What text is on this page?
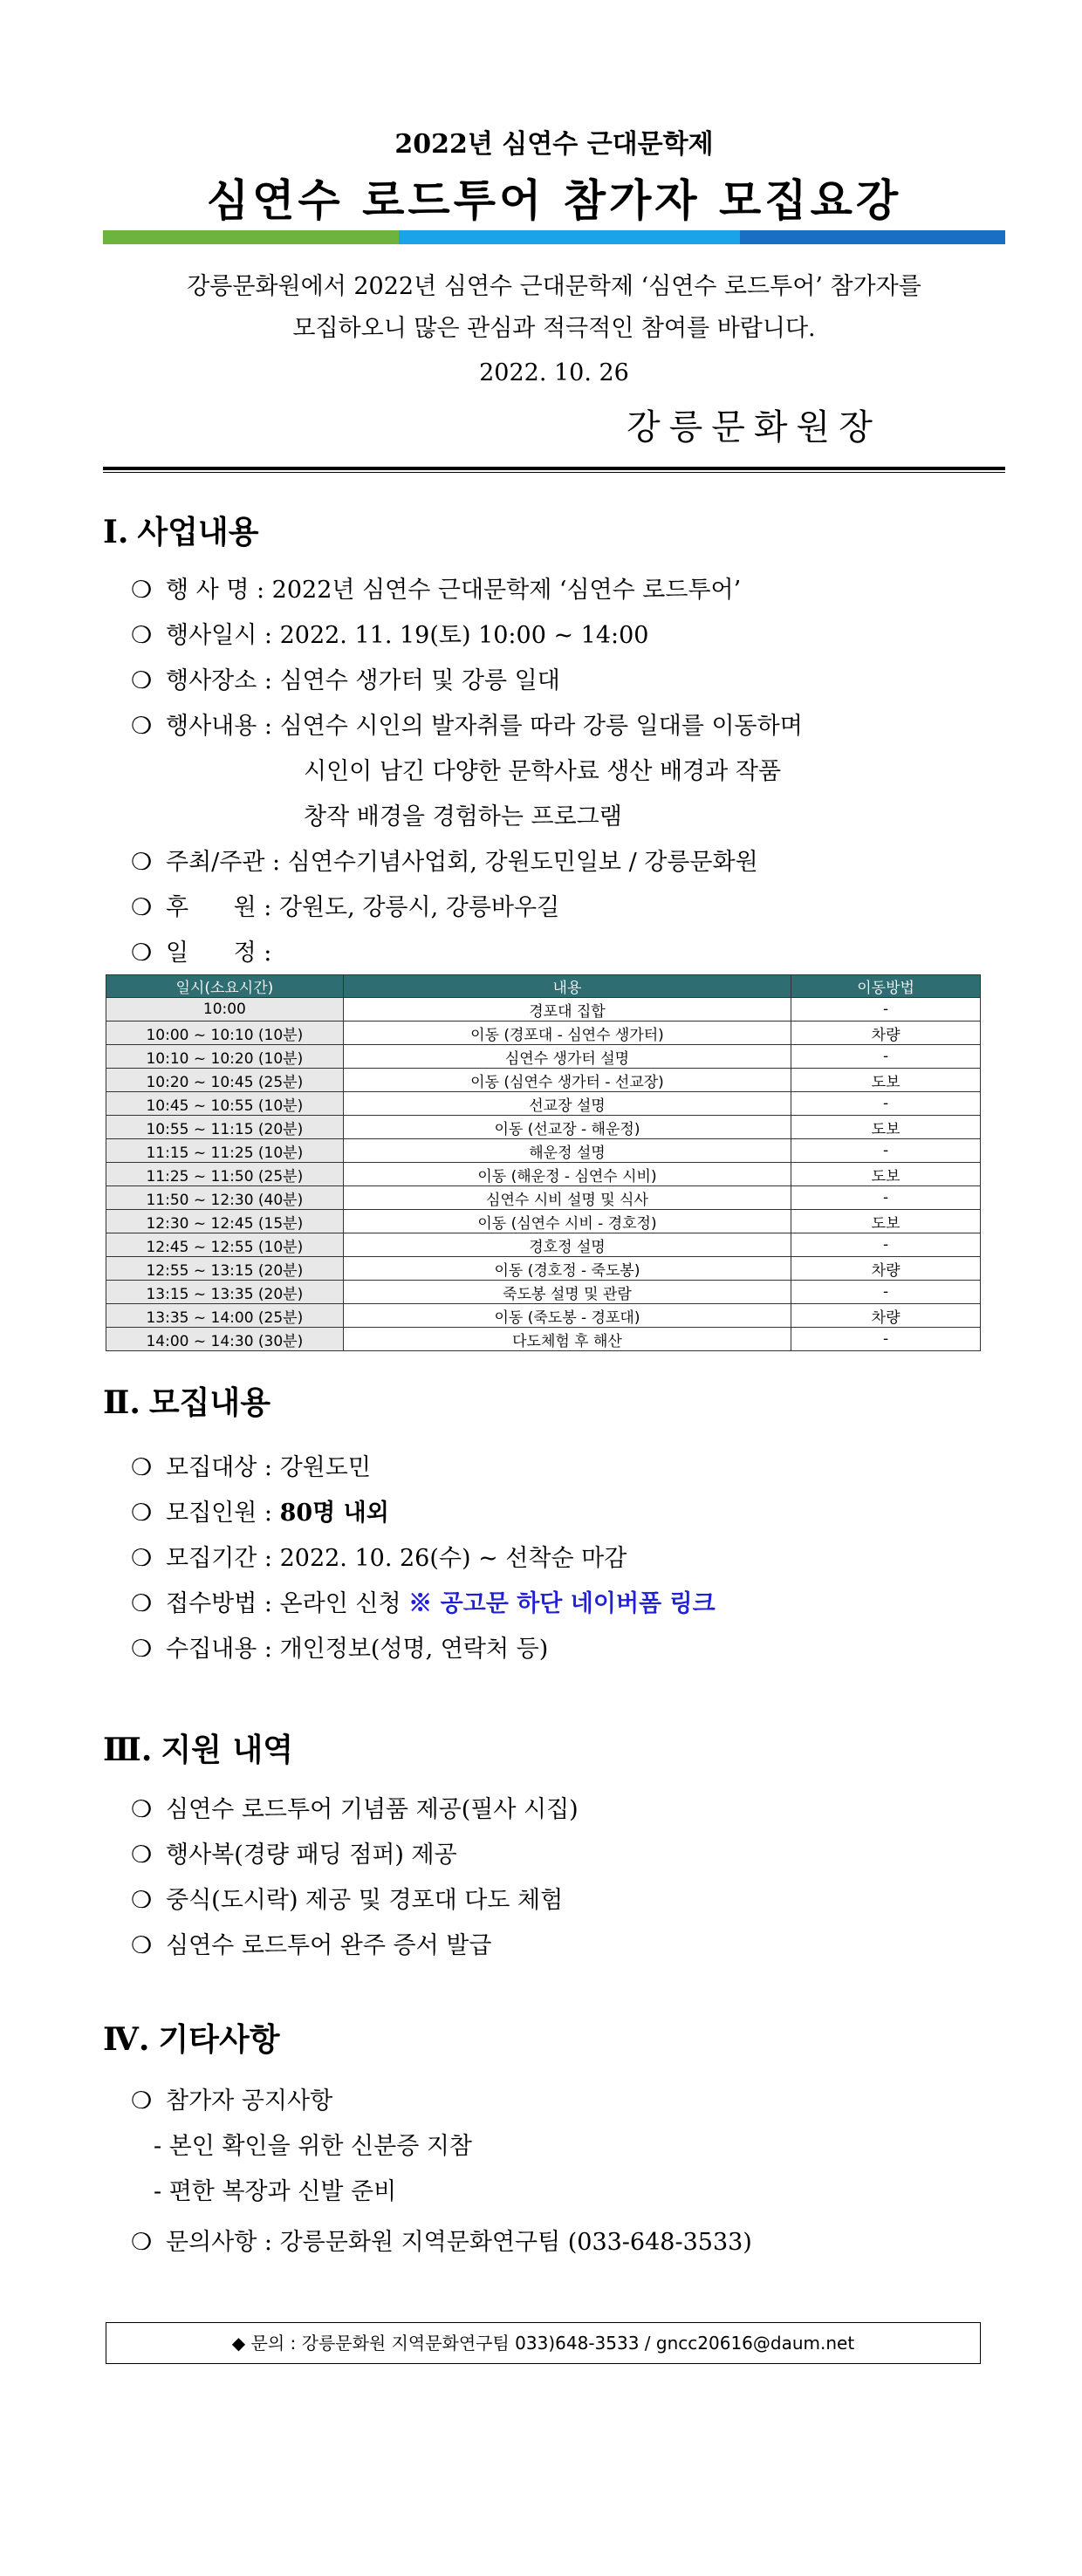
2022년 심연수 근대문학제
심연수 로드투어 참가자 모집요강
강릉문화원에서 2022년 심연수 근대문학제 ‘심연수 로드투어’ 참가자를
모집하오니 많은 관심과 적극적인 참여를 바랍니다.
2022. 10. 26
강릉문화원장
Ⅰ. 사업내용
❍ 행 사 명 : 2022년 심연수 근대문학제 ‘심연수 로드투어’
❍ 행사일시 : 2022. 11. 19(토) 10:00 ~ 14:00
❍ 행사장소 : 심연수 생가터 및 강릉 일대
❍ 행사내용 : 심연수 시인의 발자취를 따라 강릉 일대를 이동하며
시인이 남긴 다양한 문학사료 생산 배경과 작품
창작 배경을 경험하는 프로그램
❍ 주최/주관 : 심연수기념사업회, 강원도민일보 / 강릉문화원
❍ 후      원 : 강원도, 강릉시, 강릉바우길
❍ 일      정 :
일시(소요시간)	내용	이동방법
10:00	경포대 집합	-
10:00 ~ 10:10 (10분)	이동 (경포대 - 심연수 생가터)	차량
10:10 ~ 10:20 (10분)	심연수 생가터 설명	-
10:20 ~ 10:45 (25분)	이동 (심연수 생가터 - 선교장)	도보
10:45 ~ 10:55 (10분)	선교장 설명	-
10:55 ~ 11:15 (20분)	이동 (선교장 - 해운정)	도보
11:15 ~ 11:25 (10분)	해운정 설명	-
11:25 ~ 11:50 (25분)	이동 (해운정 - 심연수 시비)	도보
11:50 ~ 12:30 (40분)	심연수 시비 설명 및 식사	-
12:30 ~ 12:45 (15분)	이동 (심연수 시비 - 경호정)	도보
12:45 ~ 12:55 (10분)	경호정 설명	-
12:55 ~ 13:15 (20분)	이동 (경호정 - 죽도봉)	차량
13:15 ~ 13:35 (20분)	죽도봉 설명 및 관람	-
13:35 ~ 14:00 (25분)	이동 (죽도봉 - 경포대)	차량
14:00 ~ 14:30 (30분)	다도체험 후 해산	-
Ⅱ. 모집내용
❍ 모집대상 : 강원도민
❍ 모집인원 : 80명 내외
❍ 모집기간 : 2022. 10. 26(수) ~ 선착순 마감
❍ 접수방법 : 온라인 신청 ※ 공고문 하단 네이버폼 링크
❍ 수집내용 : 개인정보(성명, 연락처 등)
Ⅲ. 지원 내역
❍ 심연수 로드투어 기념품 제공(필사 시집)
❍ 행사복(경량 패딩 점퍼) 제공
❍ 중식(도시락) 제공 및 경포대 다도 체험
❍ 심연수 로드투어 완주 증서 발급
Ⅳ. 기타사항
❍ 참가자 공지사항
- 본인 확인을 위한 신분증 지참
- 편한 복장과 신발 준비
❍ 문의사항 : 강릉문화원 지역문화연구팀 (033-648-3533)
◆ 문의 : 강릉문화원 지역문화연구팀 033)648-3533 / gncc20616@daum.net
